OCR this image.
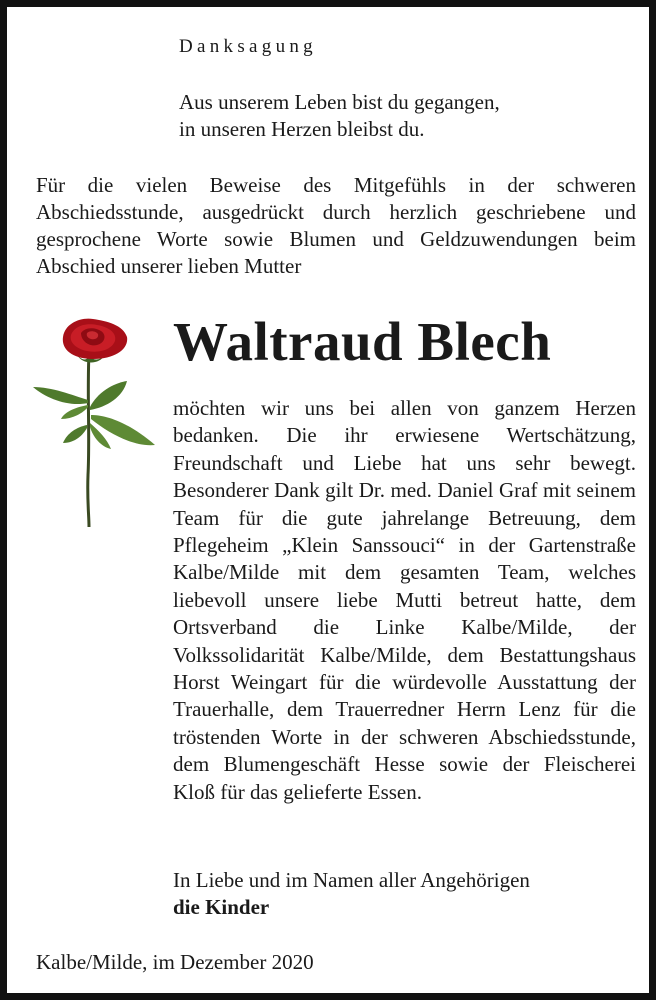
Danksagung
Aus unserem Leben bist du gegangen,
in unseren Herzen bleibst du.
Für die vielen Beweise des Mitgefühls in der schweren Abschiedsstunde, ausgedrückt durch herzlich geschriebene und gesprochene Worte sowie Blumen und Geldzuwendungen beim Abschied unserer lieben Mutter
Waltraud Blech
möchten wir uns bei allen von ganzem Herzen bedanken. Die ihr erwiesene Wertschätzung, Freundschaft und Liebe hat uns sehr bewegt. Besonderer Dank gilt Dr. med. Daniel Graf mit seinem Team für die gute jahrelange Betreuung, dem Pflegeheim „Klein Sanssouci“ in der Gartenstraße Kalbe/Milde mit dem gesamten Team, welches liebevoll unsere liebe Mutti betreut hatte, dem Ortsverband die Linke Kalbe/Milde, der Volkssolidarität Kalbe/Milde, dem Bestattungshaus Horst Weingart für die würdevolle Ausstattung der Trauerhalle, dem Trauerredner Herrn Lenz für die tröstenden Worte in der schweren Abschiedsstunde, dem Blumengeschäft Hesse sowie der Fleischerei Kloß für das gelieferte Essen.
In Liebe und im Namen aller Angehörigen
die Kinder
Kalbe/Milde, im Dezember 2020
